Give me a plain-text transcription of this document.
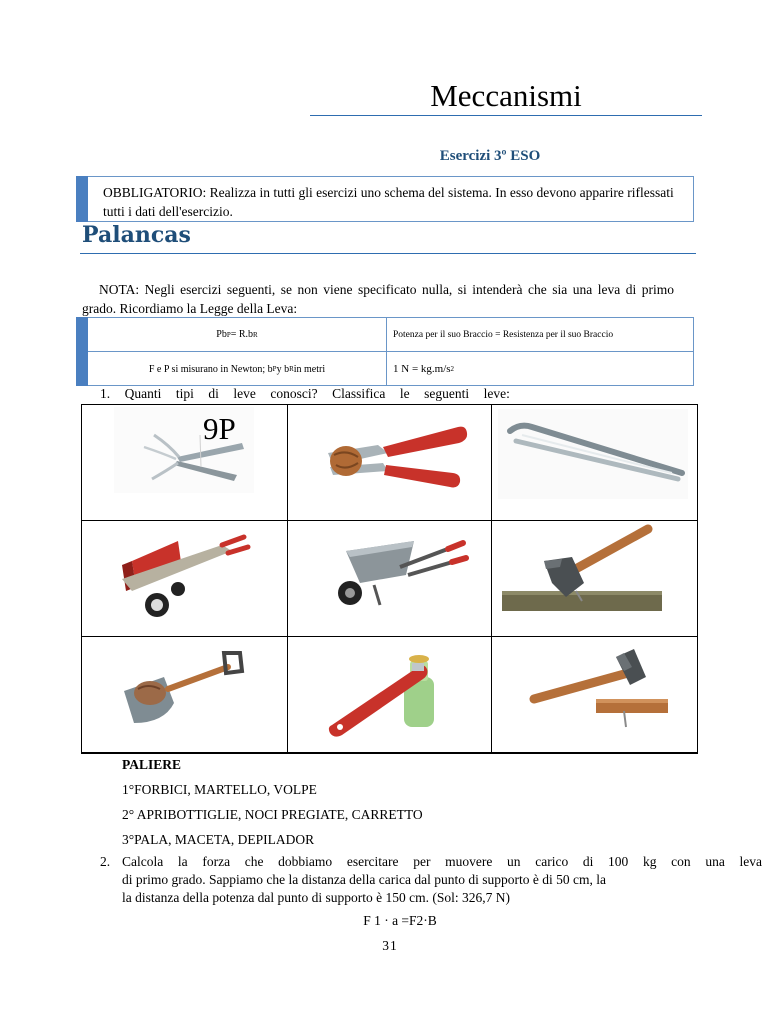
Meccanismi
Esercizi 3º ESO
OBBLIGATORIO: Realizza in tutti gli esercizi uno schema del sistema. In esso devono apparire riflessati tutti i dati dell'esercizio.
Palancas
NOTA: Negli esercizi seguenti, se non viene specificato nulla, si intenderà che sia una leva di primo grado. Ricordiamo la Legge della Leva:
Pb P = R.b R	Potenza per il suo Braccio = Resistenza per il suo Braccio
F e P si misurano in Newton; b P y b R in metri	1 N = kg.m/s 2
1. Quanti tipi di leve conosci? Classifica le seguenti leve:
9P
PALIERE
1°FORBICI, MARTELLO, VOLPE
2° APRIBOTTIGLIE, NOCI PREGIATE, CARRETTO
3°PALA, MACETA, DEPILADOR
2. Calcola la forza che dobbiamo esercitare per muovere un carico di 100 kg con una leva
di primo grado. Sappiamo che la distanza della carica dal punto di supporto è di 50 cm, la
la distanza della potenza dal punto di supporto è 150 cm. (Sol: 326,7 N)
F 1 · a =F2·B
31
